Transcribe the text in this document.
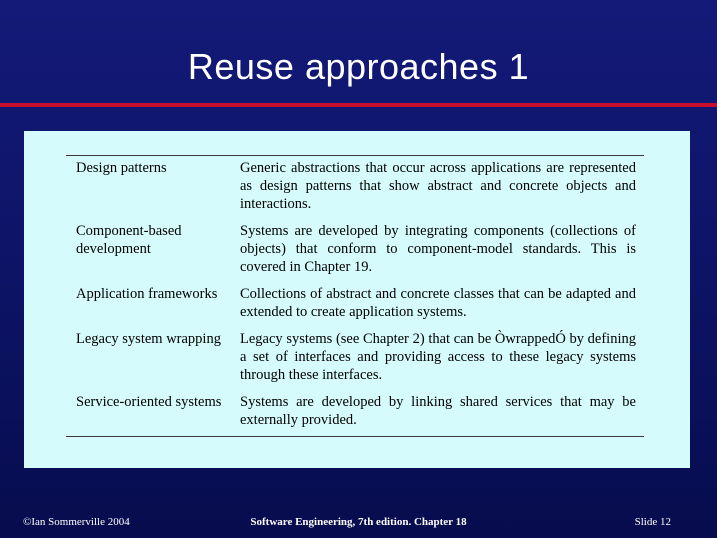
Reuse approaches 1
Design patterns	Generic abstractions that occur across applications are represented as design patterns that show abstract and concrete objects and interactions.
Component-based development	Systems are developed by integrating components (collections of objects) that conform to component-model standards. This is covered in Chapter 19.
Application frameworks	Collections of abstract and concrete classes that can be adapted and extended to create application systems.
Legacy system wrapping	Legacy systems (see Chapter 2) that can be ÒwrappedÓ by defining a set of interfaces and providing access to these legacy systems through these interfaces.
Service-oriented systems	Systems are developed by linking shared services that may be externally provided.
©Ian Sommerville 2004	Software Engineering, 7th edition. Chapter 18	Slide 12
